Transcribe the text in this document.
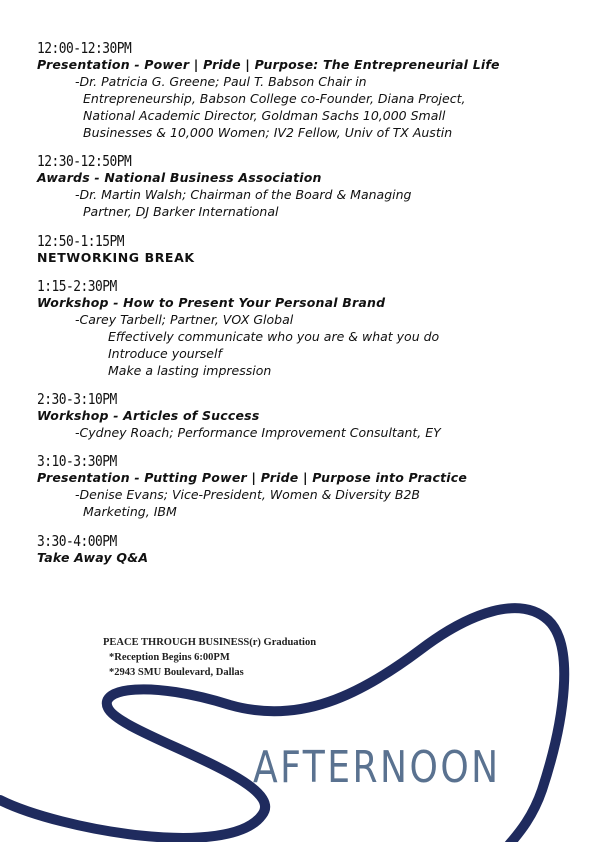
12:00-12:30PM
Presentation - Power | Pride | Purpose: The Entrepreneurial Life
-Dr. Patricia G. Greene; Paul T. Babson Chair in
Entrepreneurship, Babson College co-Founder, Diana Project,
National Academic Director, Goldman Sachs 10,000 Small
Businesses & 10,000 Women; IV2 Fellow, Univ of TX Austin
12:30-12:50PM
Awards - National Business Association
-Dr. Martin Walsh; Chairman of the Board & Managing
Partner, DJ Barker International
12:50-1:15PM
NETWORKING BREAK
1:15-2:30PM
Workshop - How to Present Your Personal Brand
-Carey Tarbell; Partner, VOX Global
Effectively communicate who you are & what you do
Introduce yourself
Make a lasting impression
2:30-3:10PM
Workshop - Articles of Success
-Cydney Roach; Performance Improvement Consultant, EY
3:10-3:30PM
Presentation - Putting Power | Pride | Purpose into Practice
-Denise Evans; Vice-President, Women & Diversity B2B
Marketing, IBM
3:30-4:00PM
Take Away Q&A
PEACE THROUGH BUSINESS(r) Graduation
*Reception Begins 6:00PM
*2943 SMU Boulevard, Dallas
AFTERNOON
